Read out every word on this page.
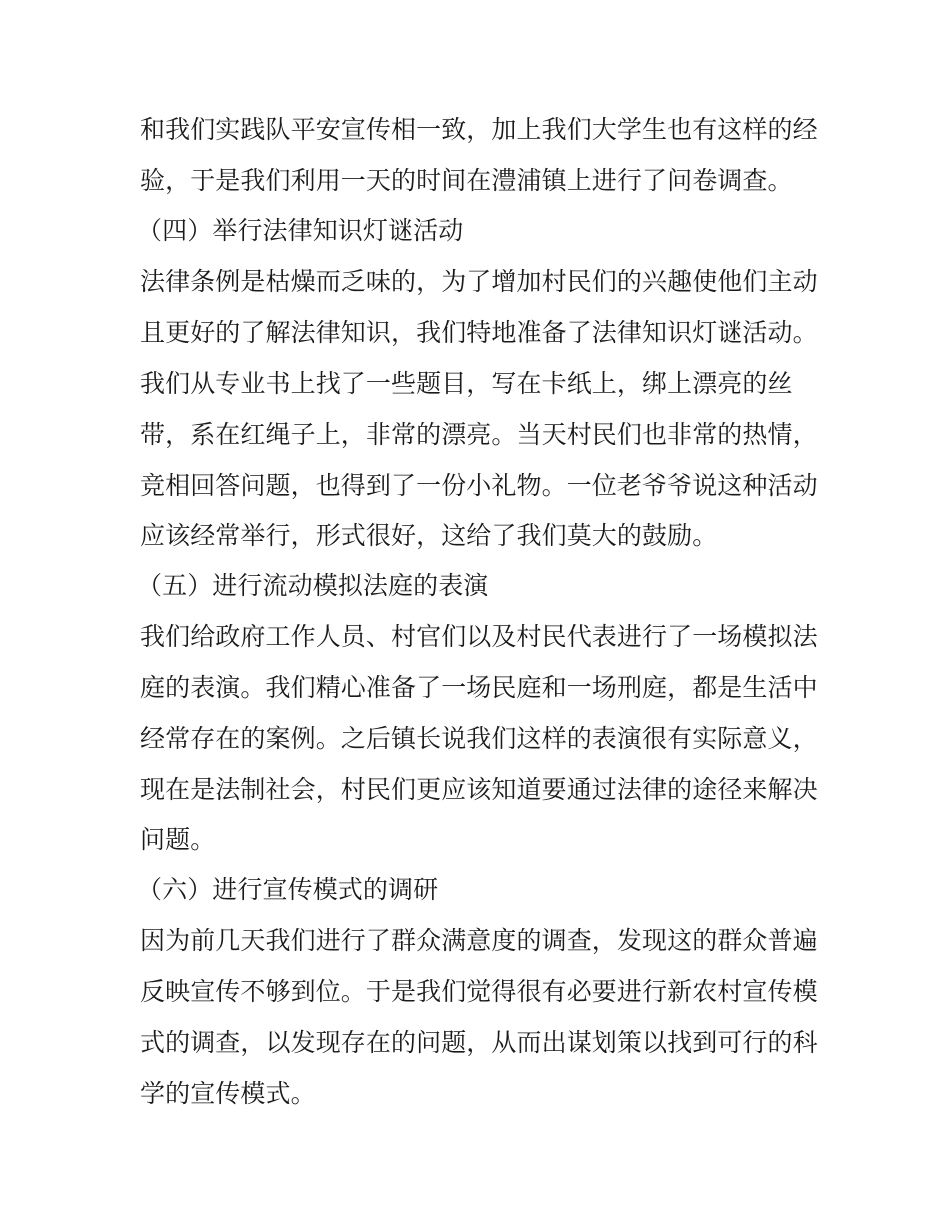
和我们实践队平安宣传相一致，加上我们大学生也有这样的经
验，于是我们利用一天的时间在澧浦镇上进行了问卷调查。
（四）举行法律知识灯谜活动
法律条例是枯燥而乏味的，为了增加村民们的兴趣使他们主动
且更好的了解法律知识，我们特地准备了法律知识灯谜活动。
我们从专业书上找了一些题目，写在卡纸上，绑上漂亮的丝
带，系在红绳子上，非常的漂亮。当天村民们也非常的热情，
竞相回答问题，也得到了一份小礼物。一位老爷爷说这种活动
应该经常举行，形式很好，这给了我们莫大的鼓励。
（五）进行流动模拟法庭的表演
我们给政府工作人员、村官们以及村民代表进行了一场模拟法
庭的表演。我们精心准备了一场民庭和一场刑庭，都是生活中
经常存在的案例。之后镇长说我们这样的表演很有实际意义，
现在是法制社会，村民们更应该知道要通过法律的途径来解决
问题。
（六）进行宣传模式的调研
因为前几天我们进行了群众满意度的调查，发现这的群众普遍
反映宣传不够到位。于是我们觉得很有必要进行新农村宣传模
式的调查，以发现存在的问题，从而出谋划策以找到可行的科
学的宣传模式。
